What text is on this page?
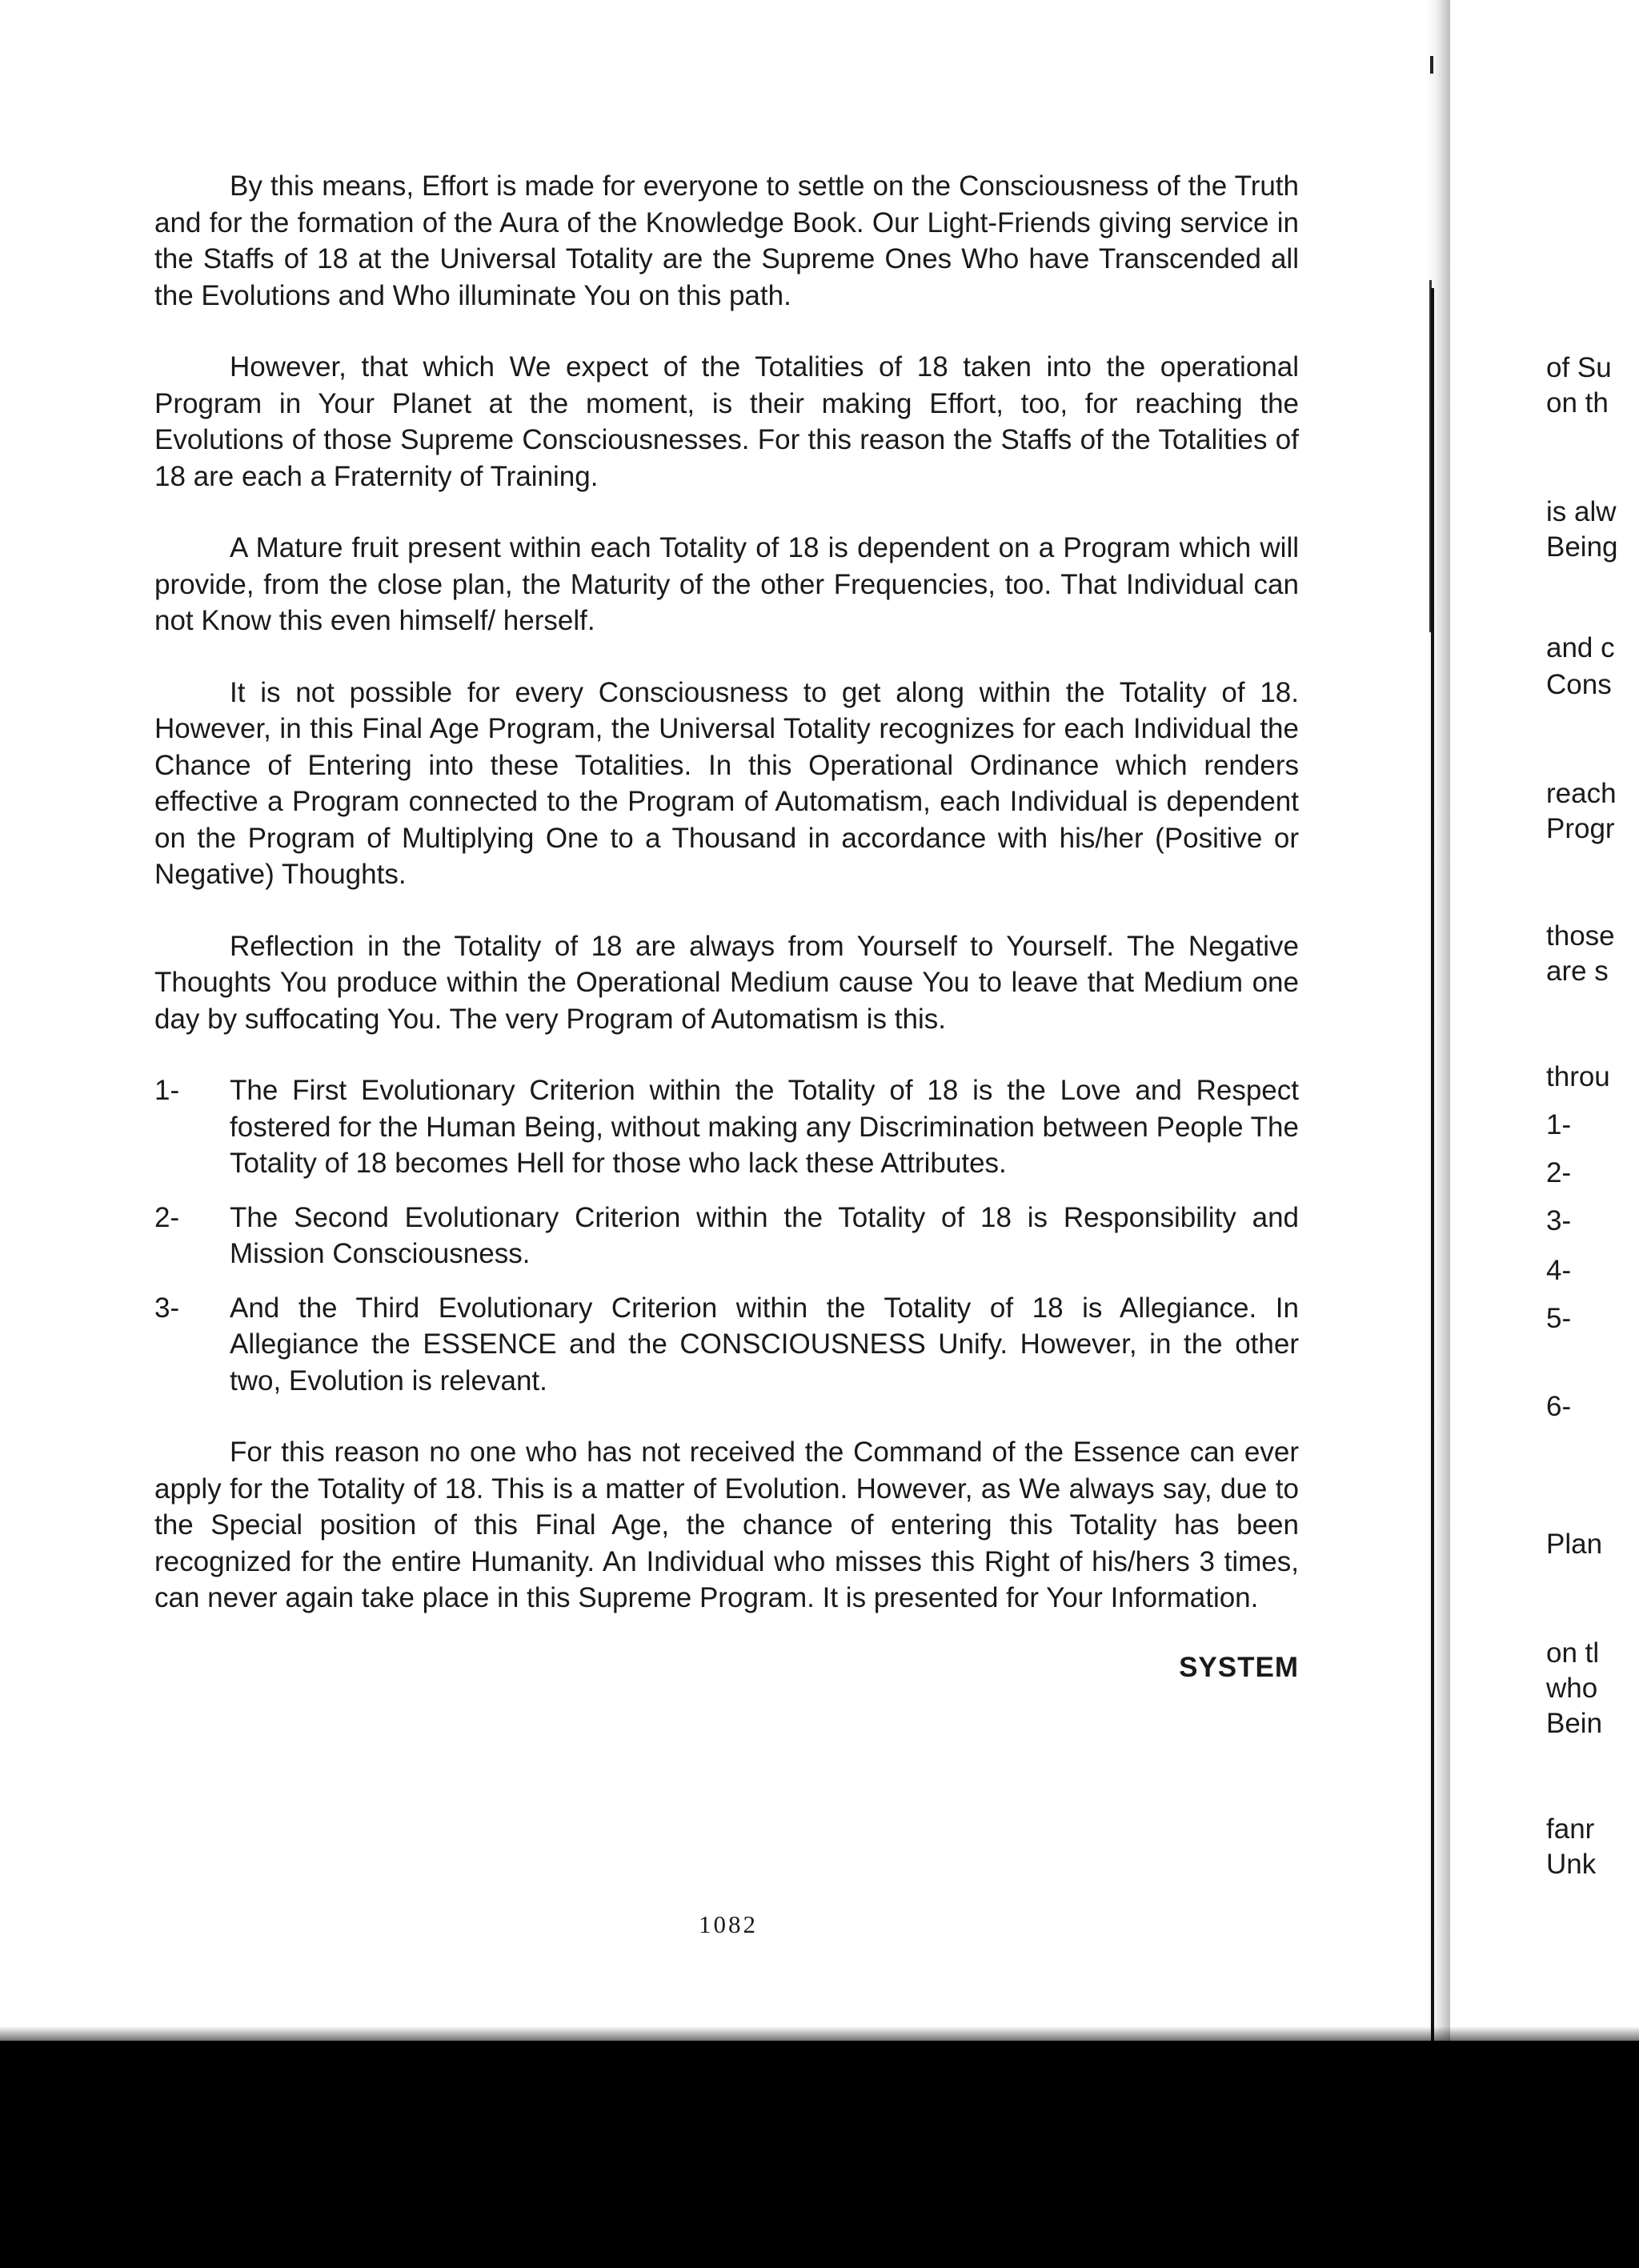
By this means, Effort is made for everyone to settle on the Consciousness of the Truth and for the formation of the Aura of the Knowledge Book. Our Light-Friends giving service in the Staffs of 18 at the Universal Totality are the Supreme Ones Who have Transcended all the Evolutions and Who illuminate You on this path.

However, that which We expect of the Totalities of 18 taken into the operational Program in Your Planet at the moment, is their making Effort, too, for reaching the Evolutions of those Supreme Consciousnesses. For this reason the Staffs of the Totalities of 18 are each a Fraternity of Training.

A Mature fruit present within each Totality of 18 is dependent on a Program which will provide, from the close plan, the Maturity of the other Frequencies, too. That Individual can not Know this even himself/ herself.

It is not possible for every Consciousness to get along within the Totality of 18. However, in this Final Age Program, the Universal Totality recognizes for each Individual the Chance of Entering into these Totalities. In this Operational Ordinance which renders effective a Program connected to the Program of Automatism, each Individual is dependent on the Program of Multiplying One to a Thousand in accordance with his/her (Positive or Negative) Thoughts.

Reflection in the Totality of 18 are always from Yourself to Yourself. The Negative Thoughts You produce within the Operational Medium cause You to leave that Medium one day by suffocating You. The very Program of Automatism is this.

1-	The First Evolutionary Criterion within the Totality of 18 is the Love and Respect fostered for the Human Being, without making any Discrimination between People The Totality of 18 becomes Hell for those who lack these Attributes.
2-	The Second Evolutionary Criterion within the Totality of 18 is Responsibility and Mission Consciousness.
3-	And the Third Evolutionary Criterion within the Totality of 18 is Allegiance. In Allegiance the ESSENCE and the CONSCIOUSNESS Unify. However, in the other two, Evolution is relevant.

For this reason no one who has not received the Command of the Essence can ever apply for the Totality of 18. This is a matter of Evolution. However, as We always say, due to the Special position of this Final Age, the chance of entering this Totality has been recognized for the entire Humanity. An Individual who misses this Right of his/hers 3 times, can never again take place in this Supreme Program. It is presented for Your Information.

SYSTEM
1082
of Su
on th
is alw
Being
and c
Cons
reach
Progr
those
are s
throu
1-
2-
3-
4-
5-
6-
Plan
on tl
who
Bein
fanr
Unk
